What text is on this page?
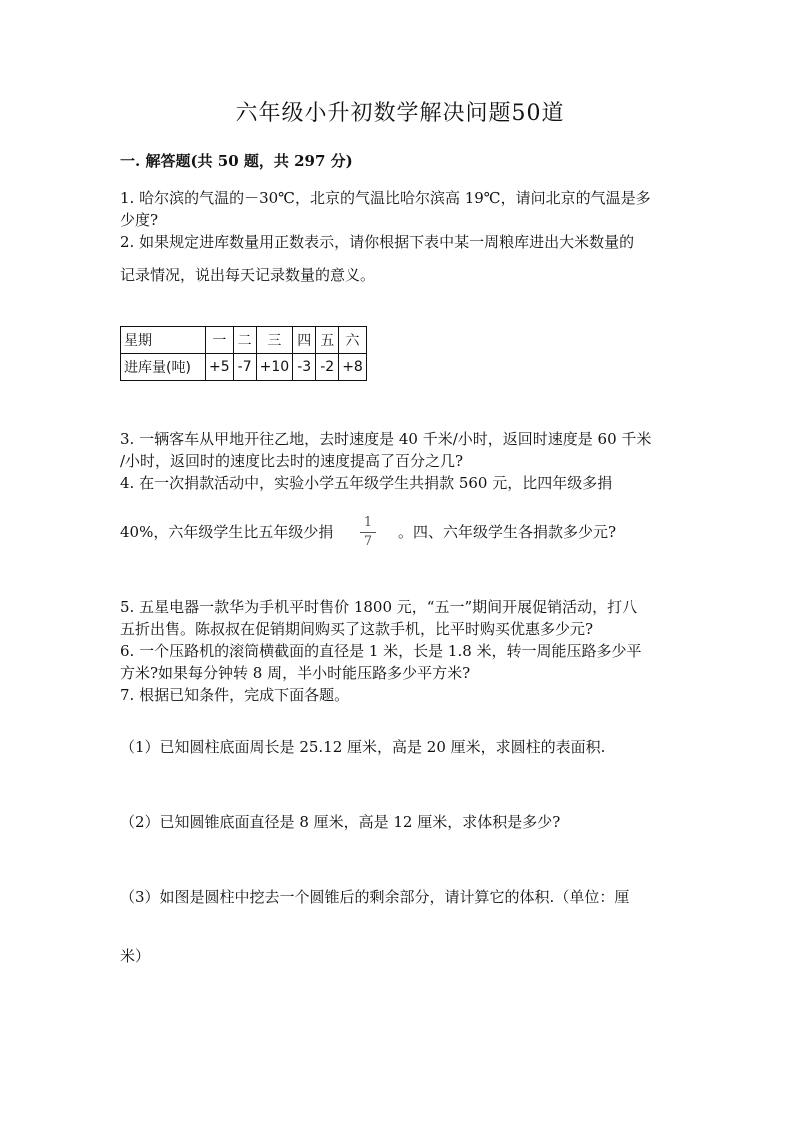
六年级小升初数学解决问题50道
一. 解答题(共 50 题，共 297 分)
1. 哈尔滨的气温的－30℃，北京的气温比哈尔滨高 19℃，请问北京的气温是多
少度?
2. 如果规定进库数量用正数表示，请你根据下表中某一周粮库进出大米数量的
记录情况，说出每天记录数量的意义。
星期	一	二	三	四	五	六
进库量(吨)	+5	-7	+10	-3	-2	+8
3. 一辆客车从甲地开往乙地，去时速度是 40 千米/小时，返回时速度是 60 千米
/小时，返回时的速度比去时的速度提高了百分之几?
4. 在一次捐款活动中，实验小学五年级学生共捐款 560 元，比四年级多捐
40%，六年级学生比五年级少捐
1
7
。四、六年级学生各捐款多少元?
5. 五星电器一款华为手机平时售价 1800 元，“五一”期间开展促销活动，打八
五折出售。陈叔叔在促销期间购买了这款手机，比平时购买优惠多少元?
6. 一个压路机的滚筒横截面的直径是 1 米，长是 1.8 米，转一周能压路多少平
方米?如果每分钟转 8 周，半小时能压路多少平方米?
7. 根据已知条件，完成下面各题。
（1）已知圆柱底面周长是 25.12 厘米，高是 20 厘米，求圆柱的表面积.
（2）已知圆锥底面直径是 8 厘米，高是 12 厘米，求体积是多少?
（3）如图是圆柱中挖去一个圆锥后的剩余部分，请计算它的体积.（单位：厘
米）
